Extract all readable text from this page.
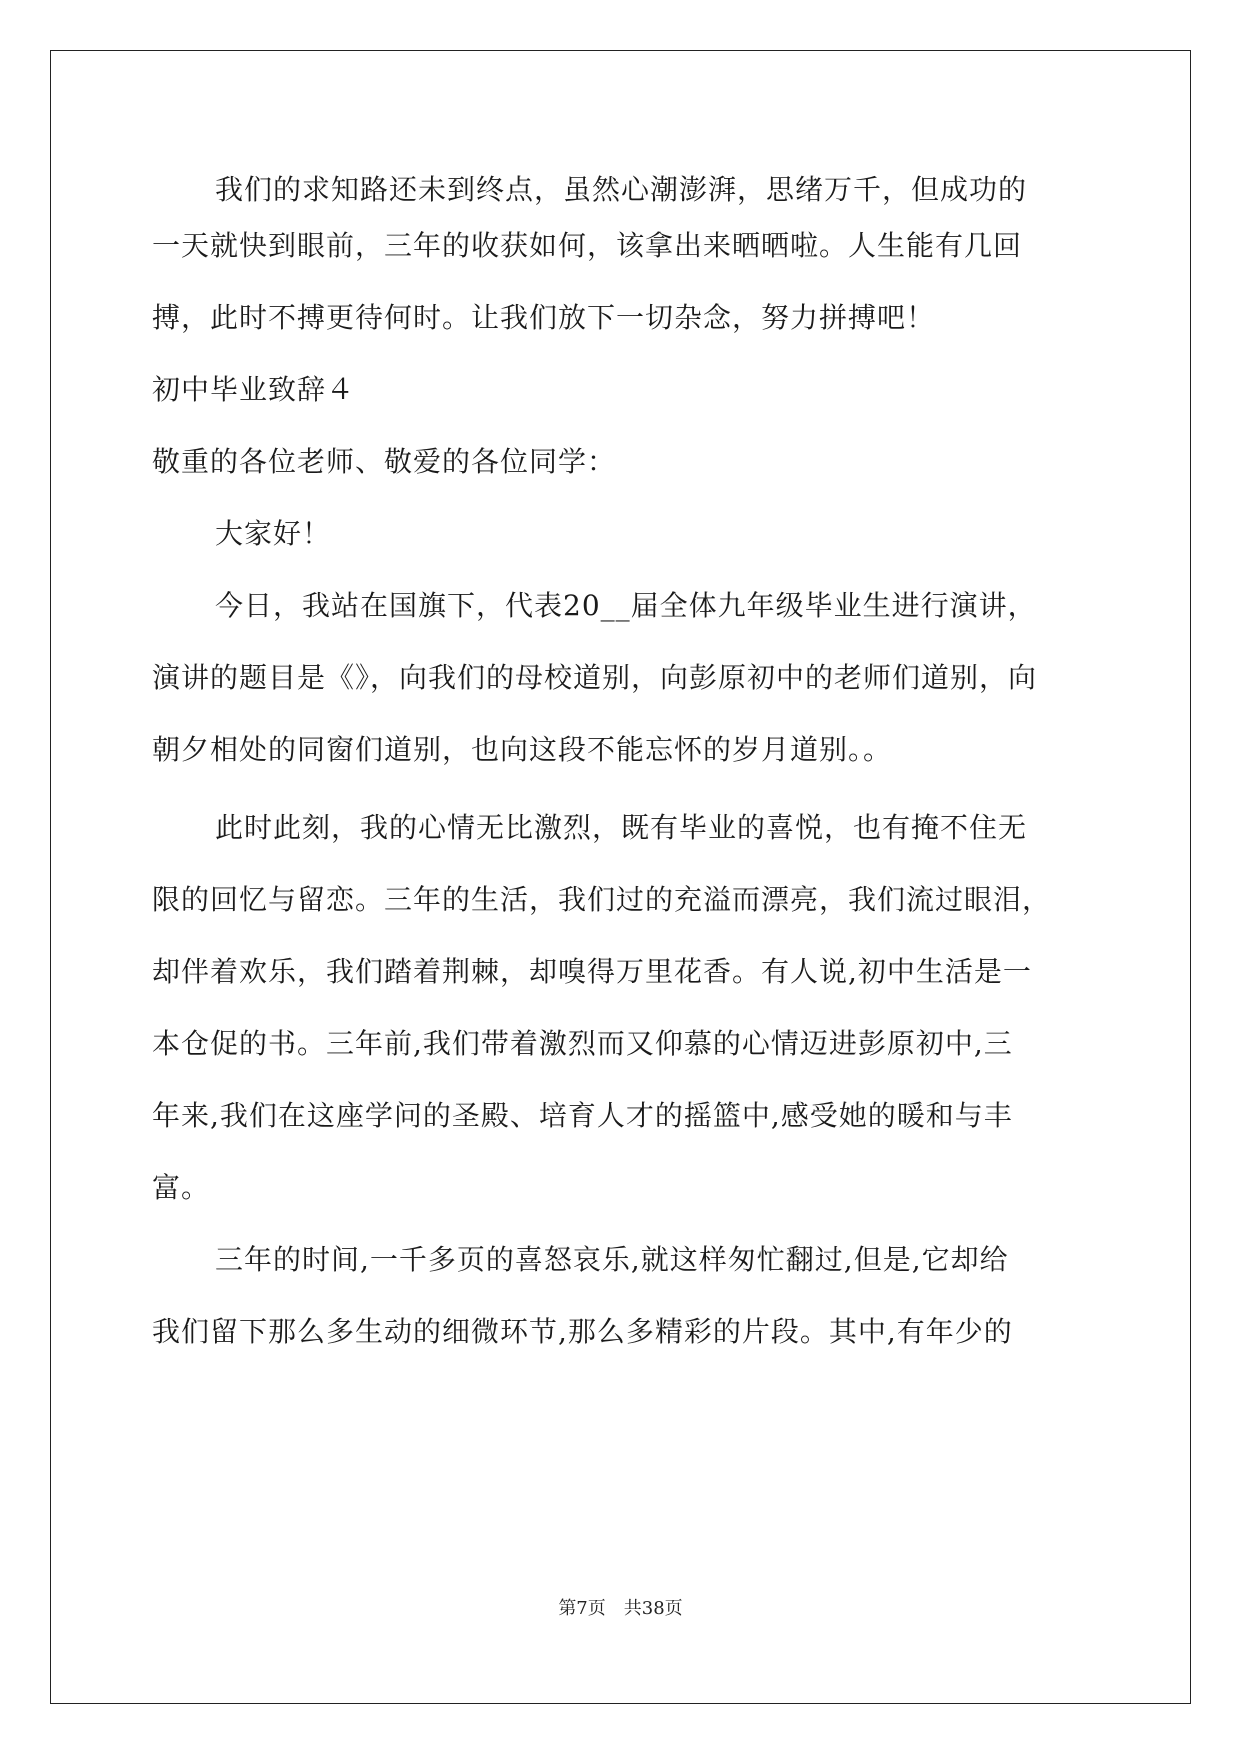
我们的求知路还未到终点，虽然心潮澎湃，思绪万千，但成功的
一天就快到眼前，三年的收获如何，该拿出来晒晒啦。人生能有几回
搏，此时不搏更待何时。让我们放下一切杂念，努力拼搏吧！
初中毕业致辞４
敬重的各位老师、敬爱的各位同学：
大家好！
今日，我站在国旗下，代表20__届全体九年级毕业生进行演讲，
演讲的题目是《》，向我们的母校道别，向彭原初中的老师们道别，向
朝夕相处的同窗们道别，也向这段不能忘怀的岁月道别。。
此时此刻，我的心情无比激烈，既有毕业的喜悦，也有掩不住无
限的回忆与留恋。三年的生活，我们过的充溢而漂亮，我们流过眼泪，
却伴着欢乐，我们踏着荆棘，却嗅得万里花香。有人说,初中生活是一
本仓促的书。三年前,我们带着激烈而又仰慕的心情迈进彭原初中,三
年来,我们在这座学问的圣殿、培育人才的摇篮中,感受她的暖和与丰
富。
三年的时间,一千多页的喜怒哀乐,就这样匆忙翻过,但是,它却给
我们留下那么多生动的细微环节,那么多精彩的片段。其中,有年少的
第7页 共38页
